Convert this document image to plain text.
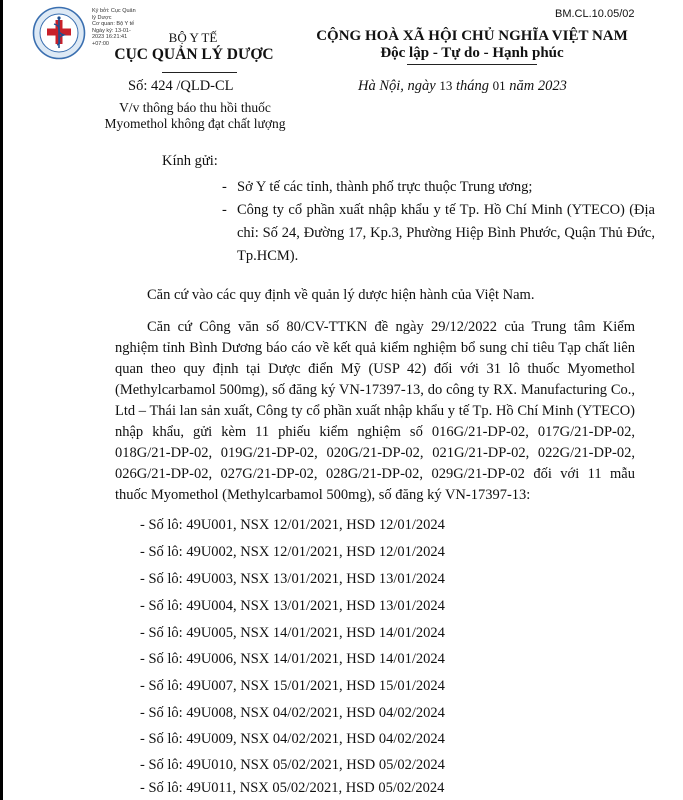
Ký bởi: Cục Quản
lý Dược
Cơ quan: Bộ Y tế
Ngày ký: 13-01-
2023 16:21:41
+07:00
BM.CL.10.05/02
BỘ Y TẾ
CỤC QUẢN LÝ DƯỢC
CỘNG HOÀ XÃ HỘI CHỦ NGHĨA VIỆT NAM
Độc lập - Tự do - Hạnh phúc
Số: 424 /QLD-CL	Hà Nội, ngày 13 tháng 01 năm 2023
V/v thông báo thu hồi thuốc
Myomethol không đạt chất lượng
Kính gửi:
- Sở Y tế các tỉnh, thành phố trực thuộc Trung ương;
- Công ty cổ phần xuất nhập khẩu y tế Tp. Hồ Chí Minh (YTECO) (Địa chỉ: Số 24, Đường 17, Kp.3, Phường Hiệp Bình Phước, Quận Thủ Đức, Tp.HCM).
Căn cứ vào các quy định về quản lý dược hiện hành của Việt Nam.
Căn cứ Công văn số 80/CV-TTKN đề ngày 29/12/2022 của Trung tâm Kiểm nghiệm tỉnh Bình Dương báo cáo về kết quả kiểm nghiệm bổ sung chỉ tiêu Tạp chất liên quan theo quy định tại Dược điển Mỹ (USP 42) đối với 31 lô thuốc Myomethol (Methylcarbamol 500mg), số đăng ký VN-17397-13, do công ty RX. Manufacturing Co., Ltd – Thái lan sản xuất, Công ty cổ phần xuất nhập khẩu y tế Tp. Hồ Chí Minh (YTECO) nhập khẩu, gửi kèm 11 phiếu kiểm nghiệm số 016G/21-DP-02, 017G/21-DP-02, 018G/21-DP-02, 019G/21-DP-02, 020G/21-DP-02, 021G/21-DP-02, 022G/21-DP-02, 026G/21-DP-02, 027G/21-DP-02, 028G/21-DP-02, 029G/21-DP-02 đối với 11 mẫu thuốc Myomethol (Methylcarbamol 500mg), số đăng ký VN-17397-13:
- Số lô: 49U001, NSX 12/01/2021, HSD 12/01/2024
- Số lô: 49U002, NSX 12/01/2021, HSD 12/01/2024
- Số lô: 49U003, NSX 13/01/2021, HSD 13/01/2024
- Số lô: 49U004, NSX 13/01/2021, HSD 13/01/2024
- Số lô: 49U005, NSX 14/01/2021, HSD 14/01/2024
- Số lô: 49U006, NSX 14/01/2021, HSD 14/01/2024
- Số lô: 49U007, NSX 15/01/2021, HSD 15/01/2024
- Số lô: 49U008, NSX 04/02/2021, HSD 04/02/2024
- Số lô: 49U009, NSX 04/02/2021, HSD 04/02/2024
- Số lô: 49U010, NSX 05/02/2021, HSD 05/02/2024
- Số lô: 49U011, NSX 05/02/2021, HSD 05/02/2024
